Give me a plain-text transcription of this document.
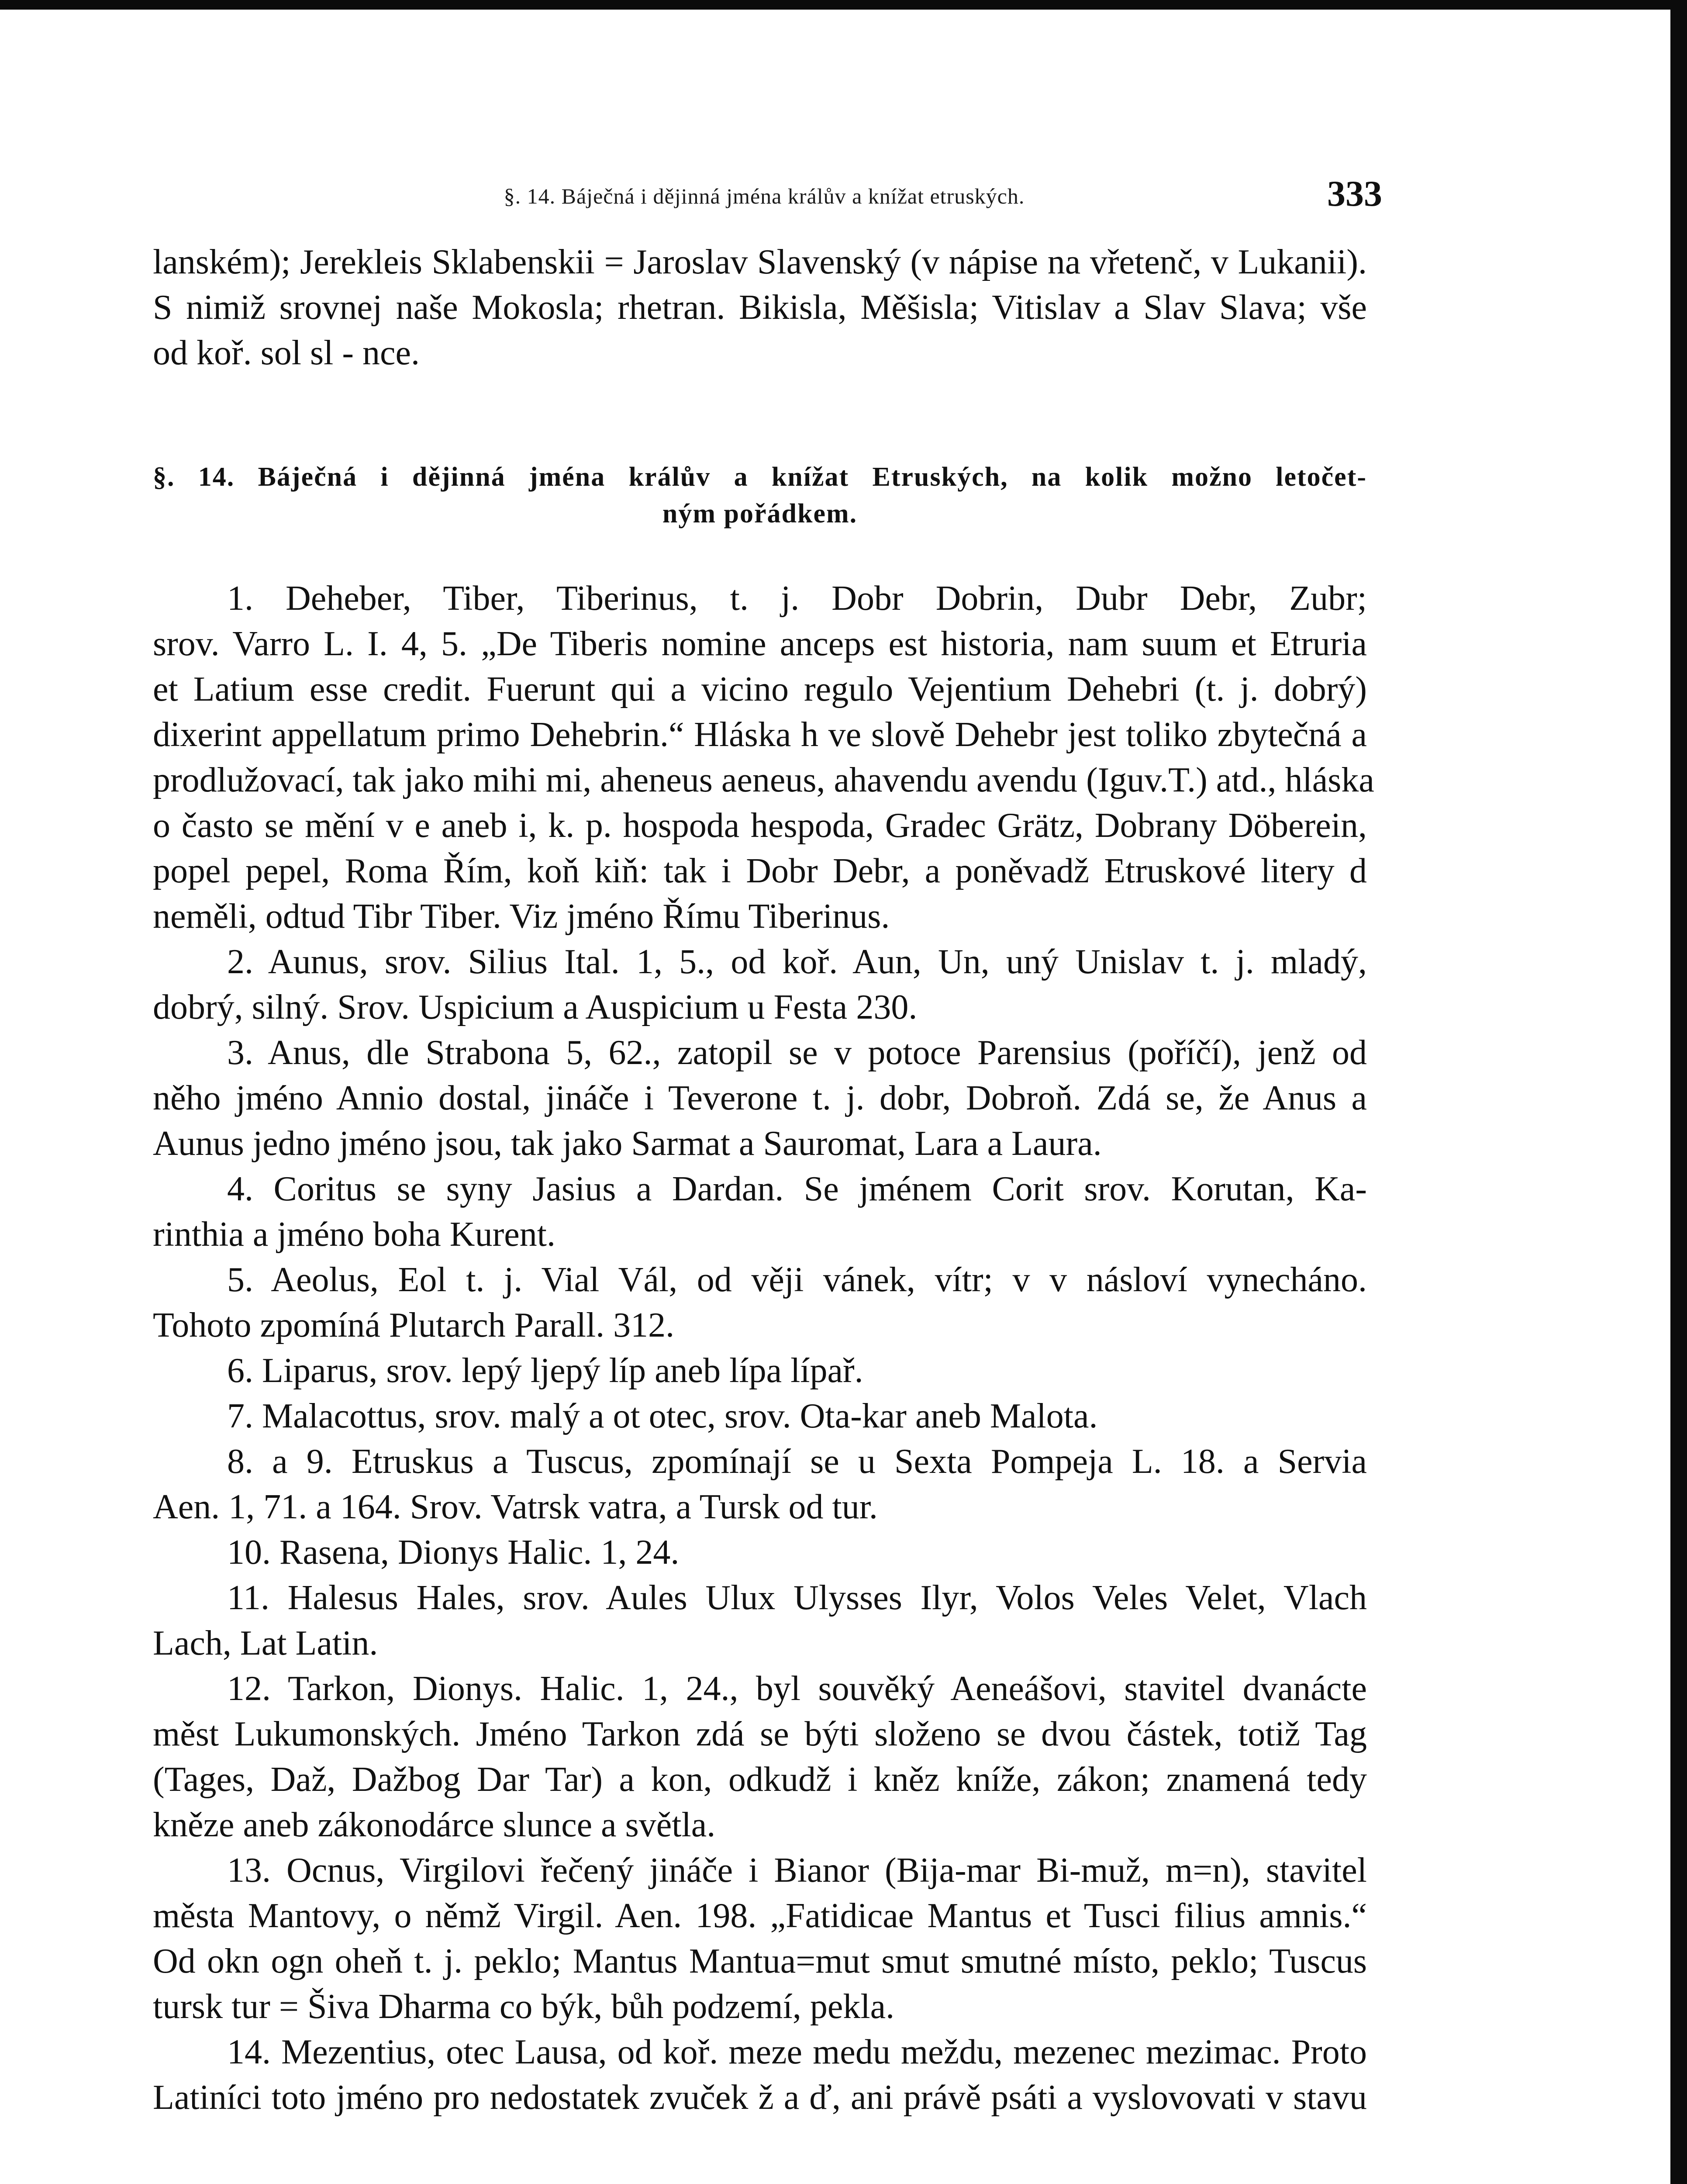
§. 14. Báječná i dějinná jména králův a knížat etruských.	333

lanském); Jerekleis Sklabenskii = Jaroslav Slavenský (v nápise na vřetenč, v Lukanii).
S nimiž srovnej naše Mokosla; rhetran. Bikisla, Měšisla; Vitislav a Slav Slava; vše
od koř. sol sl - nce.

§. 14. Báječná i dějinná jména králův a knížat Etruských, na kolik možno letočet-
ným pořádkem.

1. Deheber, Tiber, Tiberinus, t. j. Dobr Dobrin, Dubr Debr, Zubr;
srov. Varro L. I. 4, 5. „De Tiberis nomine anceps est historia, nam suum et Etruria
et Latium esse credit. Fuerunt qui a vicino regulo Vejentium Dehebri (t. j. dobrý)
dixerint appellatum primo Dehebrin.“ Hláska h ve slově Dehebr jest toliko zbytečná a
prodlužovací, tak jako mihi mi, aheneus aeneus, ahavendu avendu (Iguv.T.) atd., hláska
o často se mění v e aneb i, k. p. hospoda hespoda, Gradec Grätz, Dobrany Döberein,
popel pepel, Roma Řím, koň kiň: tak i Dobr Debr, a poněvadž Etruskové litery d
neměli, odtud Tibr Tiber. Viz jméno Římu Tiberinus.

2. Aunus, srov. Silius Ital. 1, 5., od koř. Aun, Un, uný Unislav t. j. mladý,
dobrý, silný. Srov. Uspicium a Auspicium u Festa 230.

3. Anus, dle Strabona 5, 62., zatopil se v potoce Parensius (poříčí), jenž od
něho jméno Annio dostal, jináče i Teverone t. j. dobr, Dobroň. Zdá se, že Anus a
Aunus jedno jméno jsou, tak jako Sarmat a Sauromat, Lara a Laura.

4. Coritus se syny Jasius a Dardan. Se jménem Corit srov. Korutan, Ka-
rinthia a jméno boha Kurent.

5. Aeolus, Eol t. j. Vial Vál, od věji vánek, vítr; v v násloví vynecháno.
Tohoto zpomíná Plutarch Parall. 312.

6. Liparus, srov. lepý ljepý líp aneb lípa lípař.

7. Malacottus, srov. malý a ot otec, srov. Ota-kar aneb Malota.

8. a 9. Etruskus a Tuscus, zpomínají se u Sexta Pompeja L. 18. a Servia
Aen. 1, 71. a 164. Srov. Vatrsk vatra, a Tursk od tur.

10. Rasena, Dionys Halic. 1, 24.

11. Halesus Hales, srov. Aules Ulux Ulysses Ilyr, Volos Veles Velet, Vlach
Lach, Lat Latin.

12. Tarkon, Dionys. Halic. 1, 24., byl souvěký Aeneášovi, stavitel dvanácte
měst Lukumonských. Jméno Tarkon zdá se býti složeno se dvou částek, totiž Tag
(Tages, Daž, Dažbog Dar Tar) a kon, odkudž i kněz kníže, zákon; znamená tedy
kněze aneb zákonodárce slunce a světla.

13. Ocnus, Virgilovi řečený jináče i Bianor (Bija-mar Bi-muž, m=n), stavitel
města Mantovy, o němž Virgil. Aen. 198. „Fatidicae Mantus et Tusci filius amnis.“
Od okn ogn oheň t. j. peklo; Mantus Mantua=mut smut smutné místo, peklo; Tuscus
tursk tur = Šiva Dharma co býk, bůh podzemí, pekla.

14. Mezentius, otec Lausa, od koř. meze medu meždu, mezenec mezimac. Proto
Latiníci toto jméno pro nedostatek zvuček ž a ď, ani právě psáti a vyslovovati v stavu
